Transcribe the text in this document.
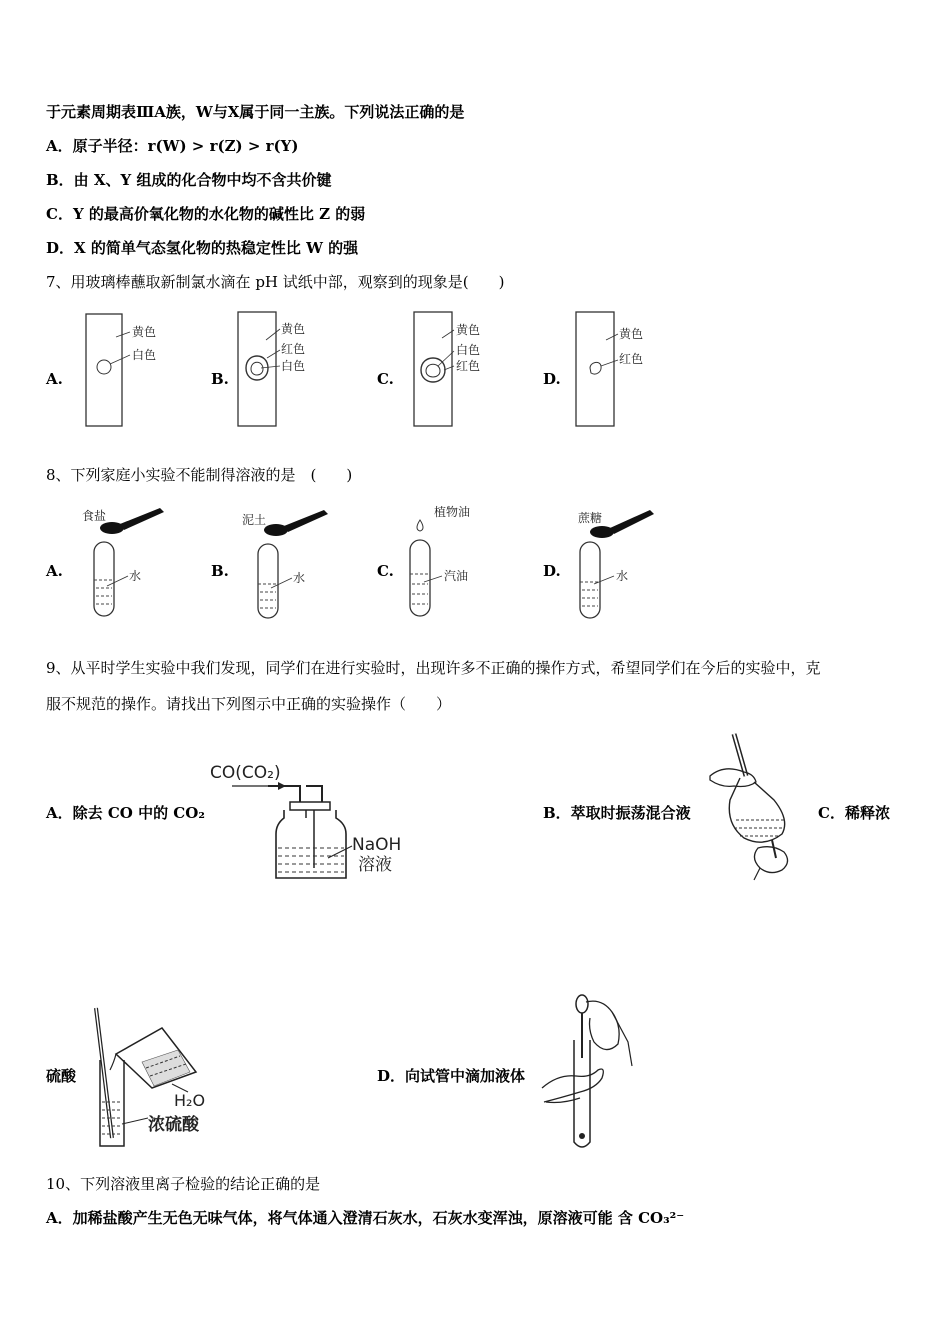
于元素周期表ⅢA族，W与X属于同一主族。下列说法正确的是
A．原子半径：r(W) > r(Z) > r(Y)
B．由 X、Y 组成的化合物中均不含共价键
C．Y 的最高价氧化物的水化物的碱性比 Z 的弱
D．X 的简单气态氢化物的热稳定性比 W 的强
7、用玻璃棒蘸取新制氯水滴在 pH 试纸中部，观察到的现象是(　　)
A.
黄色
白色
B.
黄色
红色
白色
C.
黄色
白色
红色
D.
黄色
红色
8、下列家庭小实验不能制得溶液的是　(　　)
A.
食盐
水	B.
泥土
水	C.
植物油
汽油	D.
蔗糖
水
9、从平时学生实验中我们发现，同学们在进行实验时，出现许多不正确的操作方式，希望同学们在今后的实验中，克
服不规范的操作。请找出下列图示中正确的实验操作（　　）
A．除去 CO 中的 CO₂
CO(CO₂)
NaOH
溶液
B．萃取时振荡混合液	C．稀释浓
硫酸
H₂O
浓硫酸
D．向试管中滴加液体
10、下列溶液里离子检验的结论正确的是
A．加稀盐酸产生无色无味气体，将气体通入澄清石灰水，石灰水变浑浊，原溶液可能 含 CO₃²⁻
